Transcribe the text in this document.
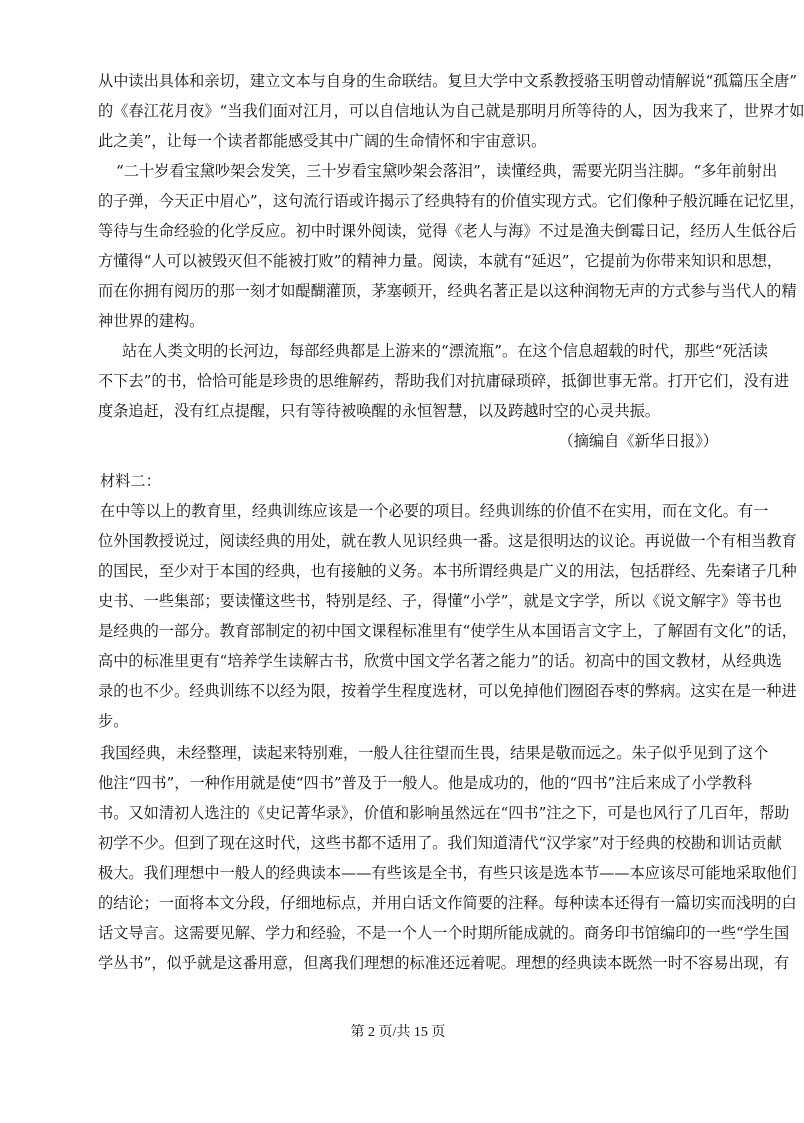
从中读出具体和亲切，建立文本与自身的生命联结。复旦大学中文系教授骆玉明曾动情解说“孤篇压全唐”
的《春江花月夜》“当我们面对江月，可以自信地认为自己就是那明月所等待的人，因为我来了，世界才如
此之美”，让每一个读者都能感受其中广阔的生命情怀和宇宙意识。
“二十岁看宝黛吵架会发笑，三十岁看宝黛吵架会落泪”，读懂经典，需要光阴当注脚。“多年前射出
的子弹，今天正中眉心”，这句流行语或许揭示了经典特有的价值实现方式。它们像种子般沉睡在记忆里，
等待与生命经验的化学反应。初中时课外阅读，觉得《老人与海》不过是渔夫倒霉日记，经历人生低谷后
方懂得“人可以被毁灭但不能被打败”的精神力量。阅读，本就有“延迟”，它提前为你带来知识和思想，
而在你拥有阅历的那一刻才如醍醐灌顶，茅塞顿开，经典名著正是以这种润物无声的方式参与当代人的精
神世界的建构。
站在人类文明的长河边，每部经典都是上游来的“漂流瓶”。在这个信息超载的时代，那些“死活读
不下去”的书，恰恰可能是珍贵的思维解药，帮助我们对抗庸碌琐碎，抵御世事无常。打开它们，没有进
度条追赶，没有红点提醒，只有等待被唤醒的永恒智慧，以及跨越时空的心灵共振。
（摘编自《新华日报》）
材料二：
在中等以上的教育里，经典训练应该是一个必要的项目。经典训练的价值不在实用，而在文化。有一
位外国教授说过，阅读经典的用处，就在教人见识经典一番。这是很明达的议论。再说做一个有相当教育
的国民，至少对于本国的经典，也有接触的义务。本书所谓经典是广义的用法，包括群经、先秦诸子几种
史书、一些集部；要读懂这些书，特别是经、子，得懂“小学”，就是文字学，所以《说文解字》等书也
是经典的一部分。教育部制定的初中国文课程标准里有“使学生从本国语言文字上，了解固有文化”的话，
高中的标准里更有“培养学生读解古书，欣赏中国文学名著之能力”的话。初高中的国文教材，从经典选
录的也不少。经典训练不以经为限，按着学生程度选材，可以免掉他们囫囵吞枣的弊病。这实在是一种进
步。
我国经典，未经整理，读起来特别难，一般人往往望而生畏，结果是敬而远之。朱子似乎见到了这个
他注“四书”，一种作用就是使“四书”普及于一般人。他是成功的，他的“四书”注后来成了小学教科
书。又如清初人选注的《史记菁华录》，价值和影响虽然远在“四书”注之下，可是也风行了几百年，帮助
初学不少。但到了现在这时代，这些书都不适用了。我们知道清代“汉学家”对于经典的校勘和训诂贡献
极大。我们理想中一般人的经典读本——有些该是全书，有些只该是选本节——本应该尽可能地采取他们
的结论；一面将本文分段，仔细地标点，并用白话文作简要的注释。每种读本还得有一篇切实而浅明的白
话文导言。这需要见解、学力和经验，不是一个人一个时期所能成就的。商务印书馆编印的一些“学生国
学丛书”，似乎就是这番用意，但离我们理想的标准还远着呢。理想的经典读本既然一时不容易出现，有
第 2 页/共 15 页
